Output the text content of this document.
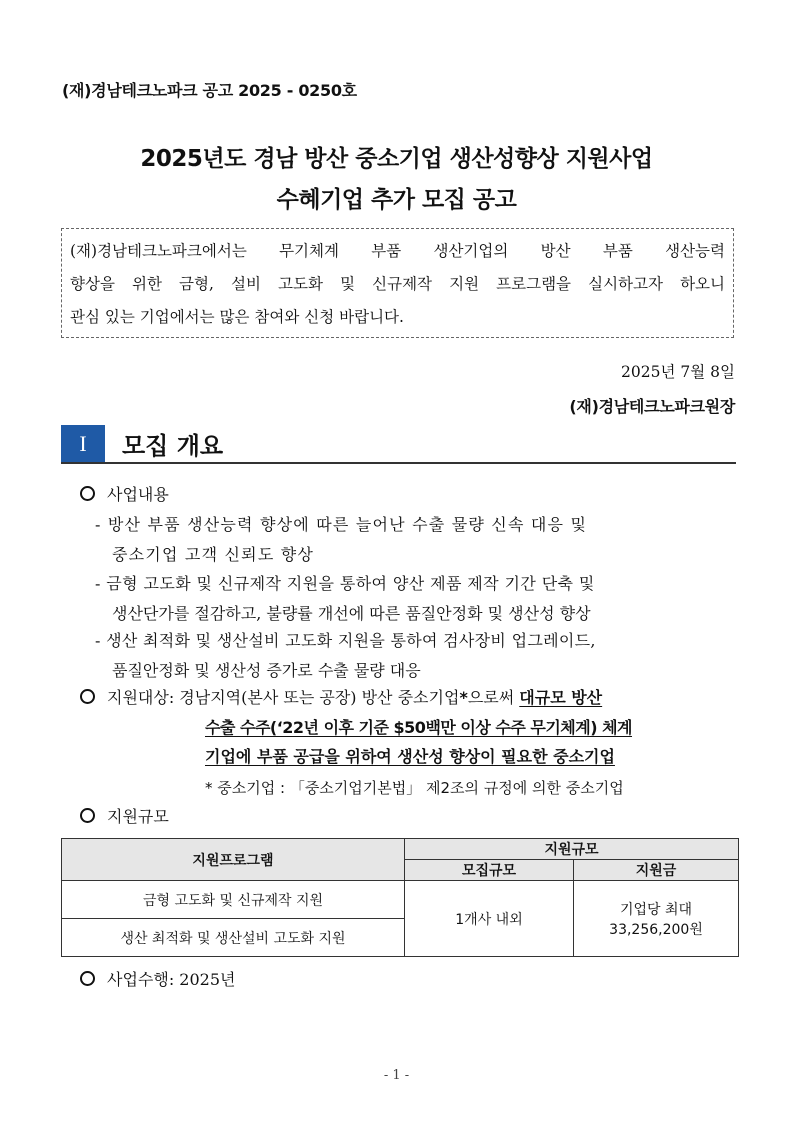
(재)경남테크노파크 공고 2025 - 0250호
2025년도 경남 방산 중소기업 생산성향상 지원사업
수혜기업 추가 모집 공고
(재)경남테크노파크에서는 무기체계 부품 생산기업의 방산 부품 생산능력
향상을 위한 금형, 설비 고도화 및 신규제작 지원 프로그램을 실시하고자 하오니
관심 있는 기업에서는 많은 참여와 신청 바랍니다.
2025년 7월 8일
(재)경남테크노파크원장
I	모집 개요
사업내용
- 방산 부품 생산능력 향상에 따른 늘어난 수출 물량 신속 대응 및
중소기업 고객 신뢰도 향상
- 금형 고도화 및 신규제작 지원을 통하여 양산 제품 제작 기간 단축 및
생산단가를 절감하고, 불량률 개선에 따른 품질안정화 및 생산성 향상
- 생산 최적화 및 생산설비 고도화 지원을 통하여 검사장비 업그레이드,
품질안정화 및 생산성 증가로 수출 물량 대응
지원대상: 경남지역(본사 또는 공장) 방산 중소기업*으로써 대규모 방산
수출 수주(‘22년 이후 기준 $50백만 이상 수주 무기체계) 체계
기업에 부품 공급을 위하여 생산성 향상이 필요한 중소기업
* 중소기업 : 「중소기업기본법」 제2조의 규정에 의한 중소기업
지원규모
지원프로그램	지원규모	
	모집규모	지원금
금형 고도화 및 신규제작 지원	1개사 내외	기업당 최대
33,256,200원

생산 최적화 및 생산설비 고도화 지원		
사업수행: 2025년
- 1 -
